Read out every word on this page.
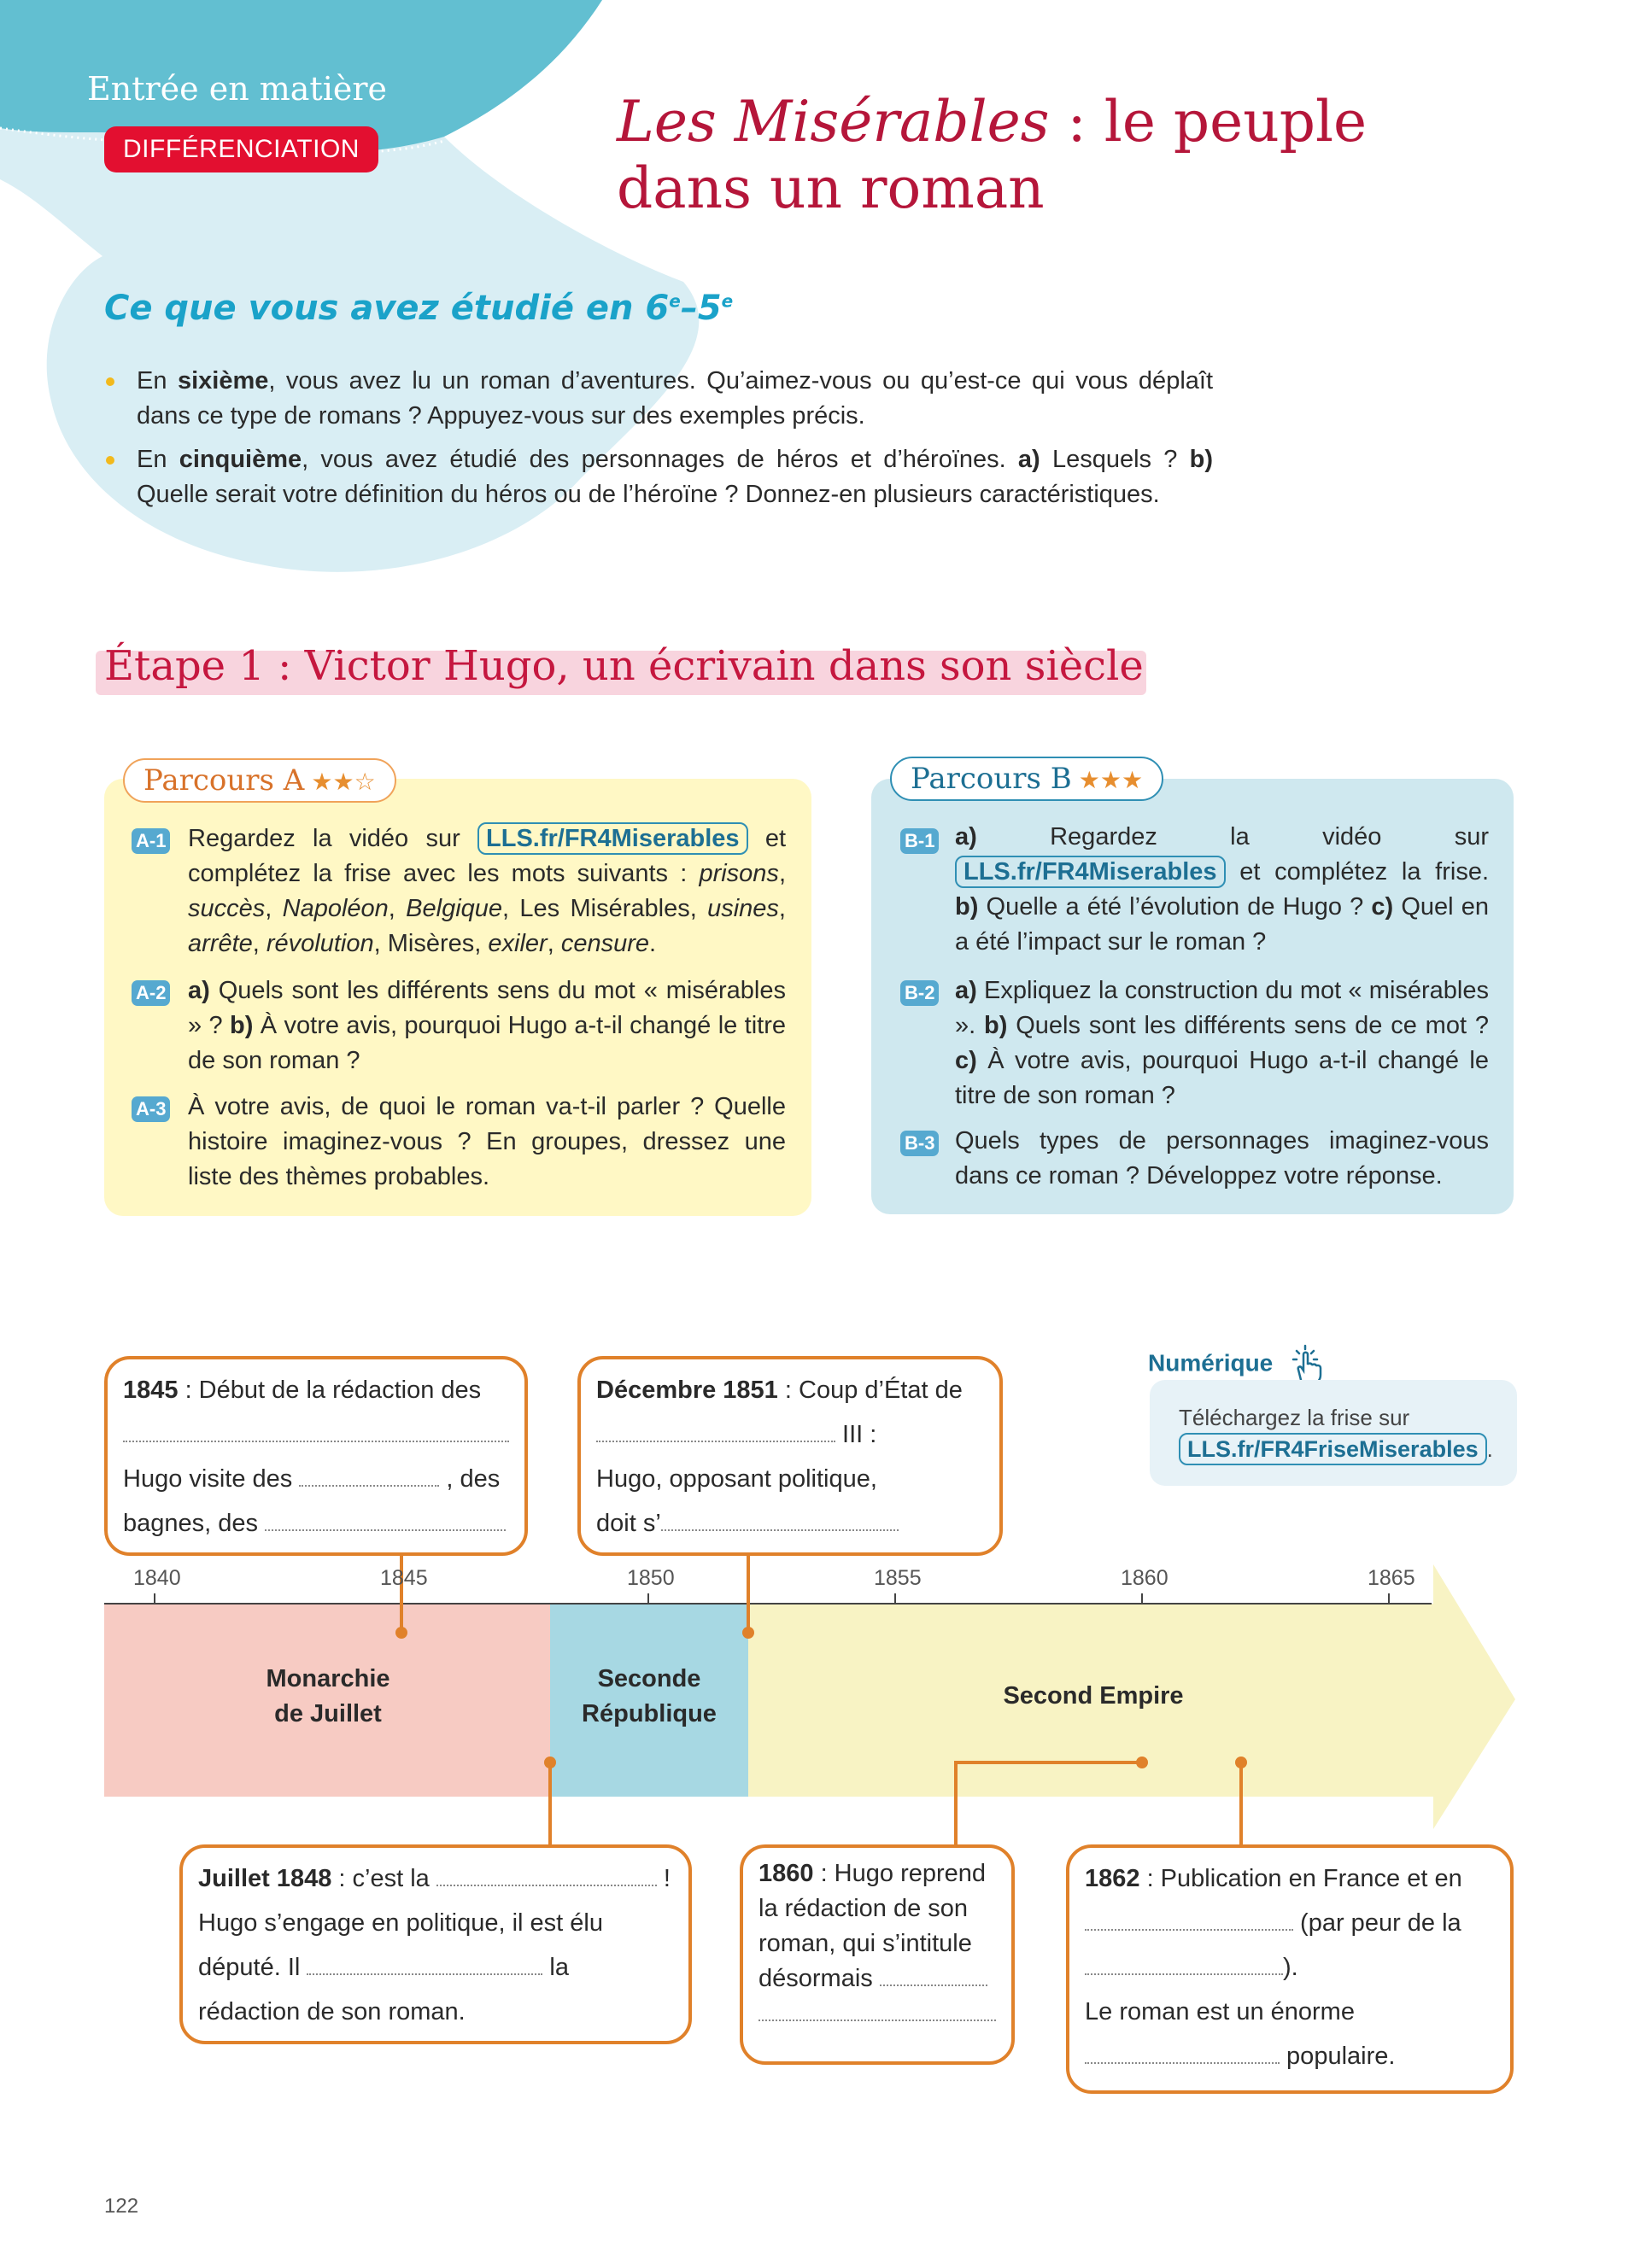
Entrée en matière
DIFFÉRENCIATION	Les Misérables : le peuple
dans un roman
Ce que vous avez étudié en 6e–5e
En sixième, vous avez lu un roman d’aventures. Qu’aimez-vous ou qu’est-ce qui vous déplaît dans ce type de romans ? Appuyez-vous sur des exemples précis.
En cinquième, vous avez étudié des personnages de héros et d’héroïnes. a) Lesquels ? b) Quelle serait votre définition du héros ou de l’héroïne ? Donnez-en plusieurs caractéristiques.
Étape 1 : Victor Hugo, un écrivain dans son siècle
Parcours A ★★☆
A-1 Regardez la vidéo sur LLS.fr/FR4Miserables et complétez la frise avec les mots suivants : prisons, succès, Napoléon, Belgique, Les Misérables, usines, arrête, révolution, Misères, exiler, censure.
A-2 a) Quels sont les différents sens du mot « misérables » ? b) À votre avis, pourquoi Hugo a-t-il changé le titre de son roman ?
A-3 À votre avis, de quoi le roman va-t-il parler ? Quelle histoire imaginez-vous ? En groupes, dressez une liste des thèmes probables.
Parcours B ★★★
B-1 a) Regardez la vidéo sur LLS.fr/FR4Miserables et complétez la frise. b) Quelle a été l’évolution de Hugo ? c) Quel en a été l’impact sur le roman ?
B-2 a) Expliquez la construction du mot « misérables ». b) Quels sont les différents sens de ce mot ? c) À votre avis, pourquoi Hugo a-t-il changé le titre de son roman ?
B-3 Quels types de personnages imaginez-vous dans ce roman ? Développez votre réponse.
Numérique
Téléchargez la frise sur
LLS.fr/FR4FriseMiserables .
1840	1845	1850	1855	1860	1865
Monarchie
de Juillet
Seconde
République
Second Empire
1845 : Début de la rédaction des

Hugo visite des	, des
bagnes, des
Décembre 1851 : Coup d’État de
III :
Hugo, opposant politique,
doit s’
Juillet 1848 : c’est la	!
Hugo s’engage en politique, il est élu
député. Il	la
rédaction de son roman.
1860 : Hugo reprend la rédaction de son roman, qui s’intitule désormais

1862 : Publication en France et en
(par peur de la
).
Le roman est un énorme
populaire.
122
